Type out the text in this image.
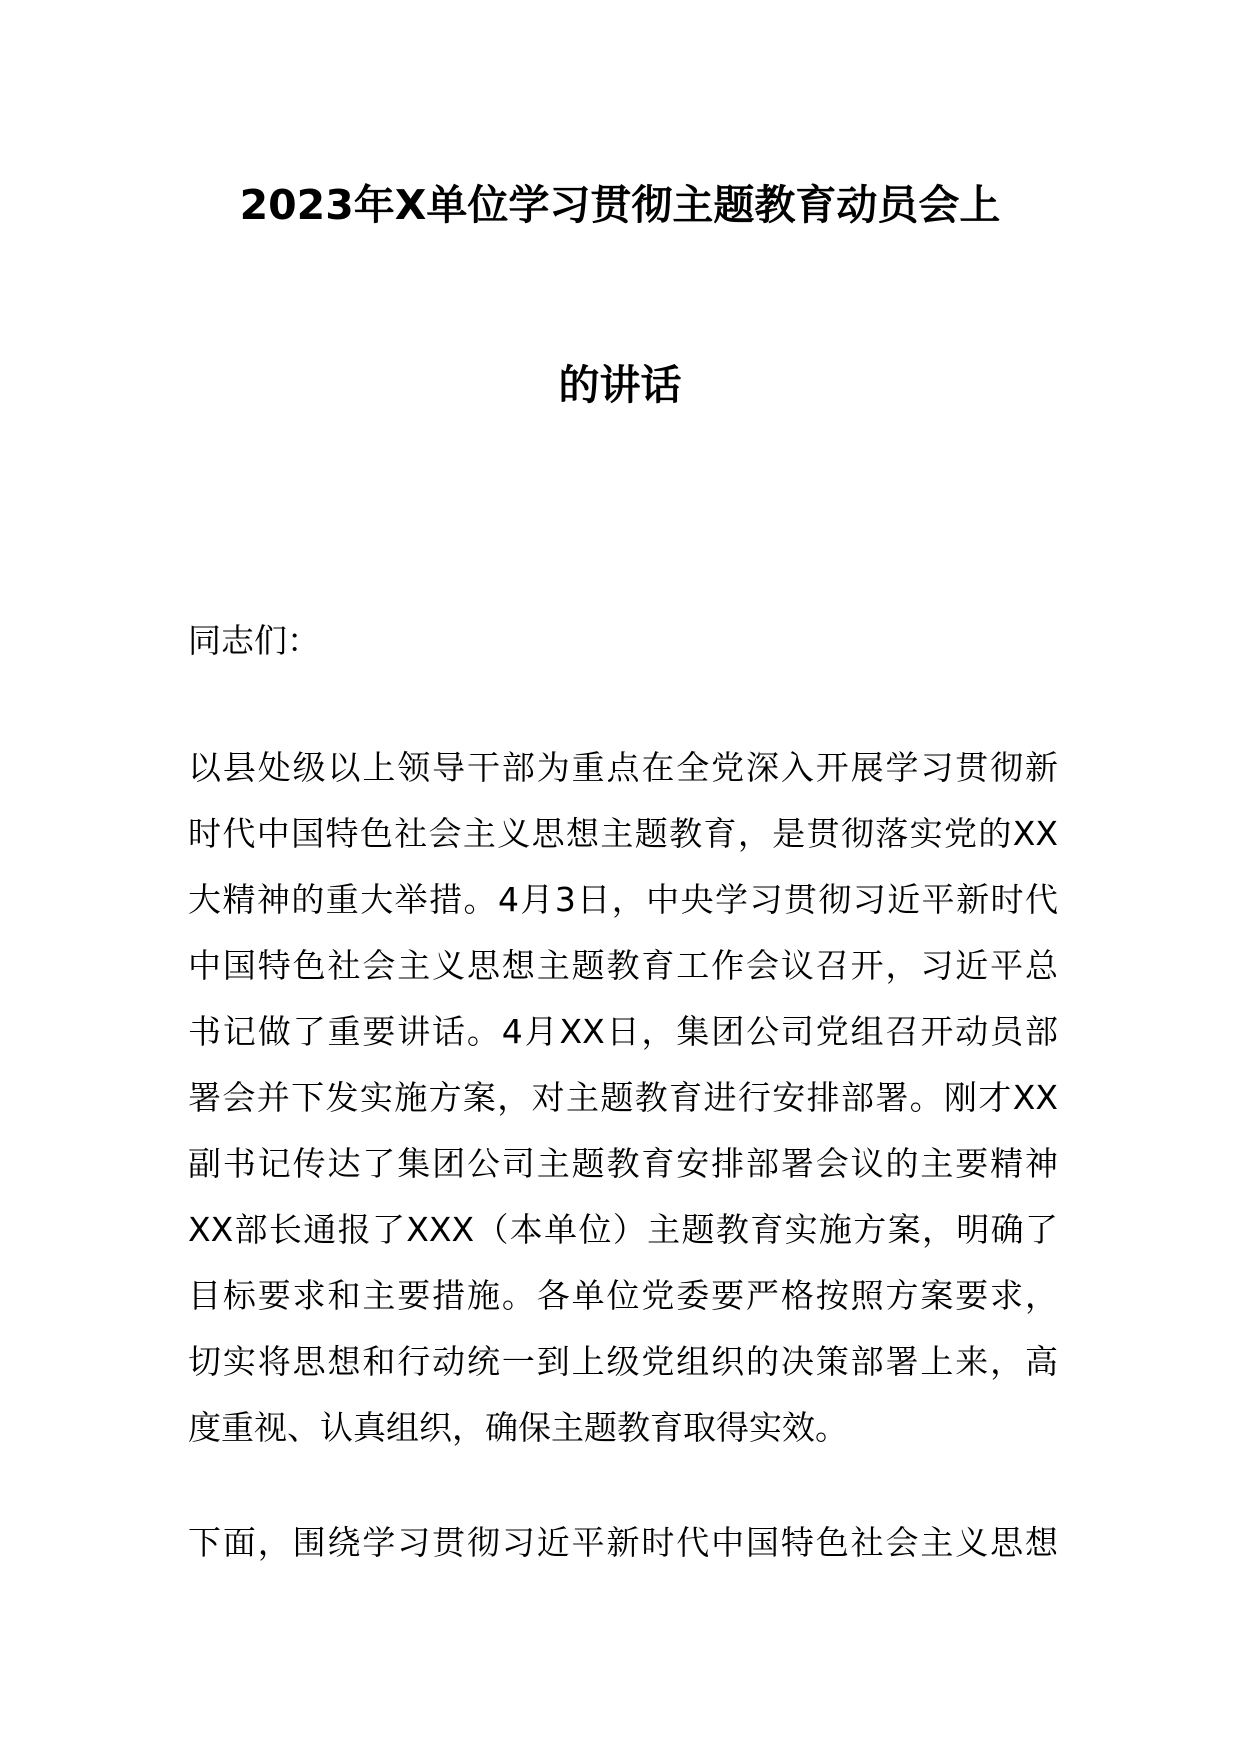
2023年X单位学习贯彻主题教育动员会上
的讲话
同志们：
以县处级以上领导干部为重点在全党深入开展学习贯彻新
时代中国特色社会主义思想主题教育，是贯彻落实党的XX
大精神的重大举措。4月3日，中央学习贯彻习近平新时代
中国特色社会主义思想主题教育工作会议召开，习近平总
书记做了重要讲话。4月XX日，集团公司党组召开动员部
署会并下发实施方案，对主题教育进行安排部署。刚才XX
副书记传达了集团公司主题教育安排部署会议的主要精神
XX部长通报了XXX（本单位）主题教育实施方案，明确了
目标要求和主要措施。各单位党委要严格按照方案要求，
切实将思想和行动统一到上级党组织的决策部署上来，高
度重视、认真组织，确保主题教育取得实效。
下面，围绕学习贯彻习近平新时代中国特色社会主义思想
